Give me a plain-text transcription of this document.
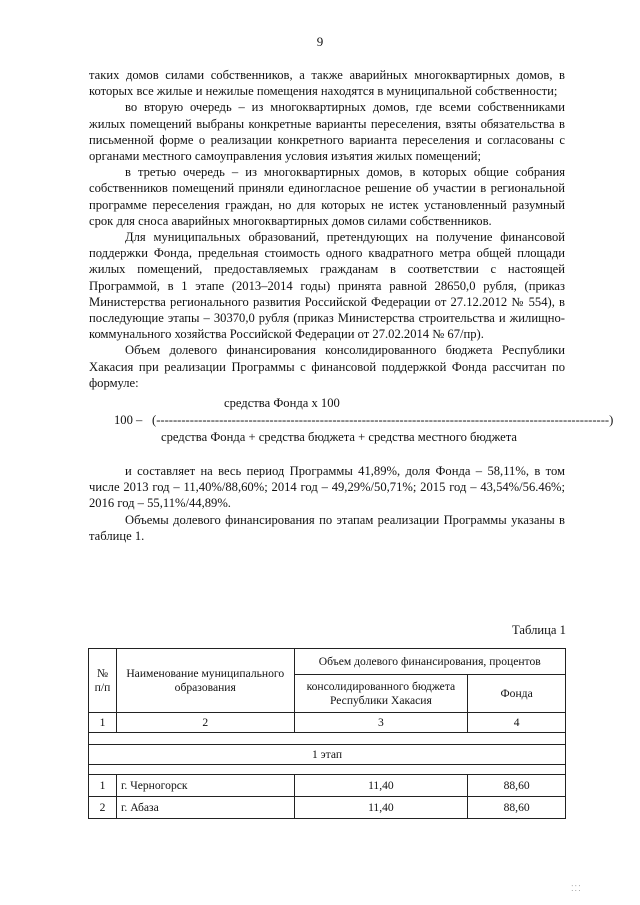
9

таких домов силами собственников, а также аварийных многоквартирных домов, в которых все жилые и нежилые помещения находятся в муниципальной собственности;

во вторую очередь – из многоквартирных домов, где всеми собственниками жилых помещений выбраны конкретные варианты переселения, взяты обязательства в письменной форме о реализации конкретного варианта переселения и согласованы с органами местного самоуправления условия изъятия жилых помещений;

в третью очередь – из многоквартирных домов, в которых общие собрания собственников помещений приняли единогласное решение об участии в региональной программе переселения граждан, но для которых не истек установленный разумный срок для сноса аварийных многоквартирных домов силами собственников.

Для муниципальных образований, претендующих на получение финансовой поддержки Фонда, предельная стоимость одного квадратного метра общей площади жилых помещений, предоставляемых гражданам в соответствии с настоящей Программой, в 1 этапе (2013–2014 годы) принята равной 28650,0 рубля, (приказ Министерства регионального развития Российской Федерации от 27.12.2012 № 554), в последующие этапы – 30370,0 рубля (приказ Министерства строительства и жилищно-коммунального хозяйства Российской Федерации от 27.02.2014 № 67/пр).

Объем долевого финансирования консолидированного бюджета Республики Хакасия при реализации Программы с финансовой поддержкой Фонда рассчитан по формуле:

средства Фонда x 100
100 – (------------------------------------------------------------------------------------------------------------)
средства Фонда + средства бюджета + средства местного бюджета

и составляет на весь период Программы 41,89%, доля Фонда – 58,11%, в том числе 2013 год – 11,40%/88,60%; 2014 год – 49,29%/50,71%; 2015 год – 43,54%/56.46%; 2016 год – 55,11%/44,89%.

Объемы долевого финансирования по этапам реализации Программы указаны в таблице 1.

Таблица 1
№ п/п	Наименование муниципального образования	Объем долевого финансирования, процентов	
		консолидированного бюджета Республики Хакасия	Фонда
1	2	3	4

1 этап			

1	г. Черногорск	11,40	88,60
2	г. Абаза	11,40	88,60
⁚⁚⁚
